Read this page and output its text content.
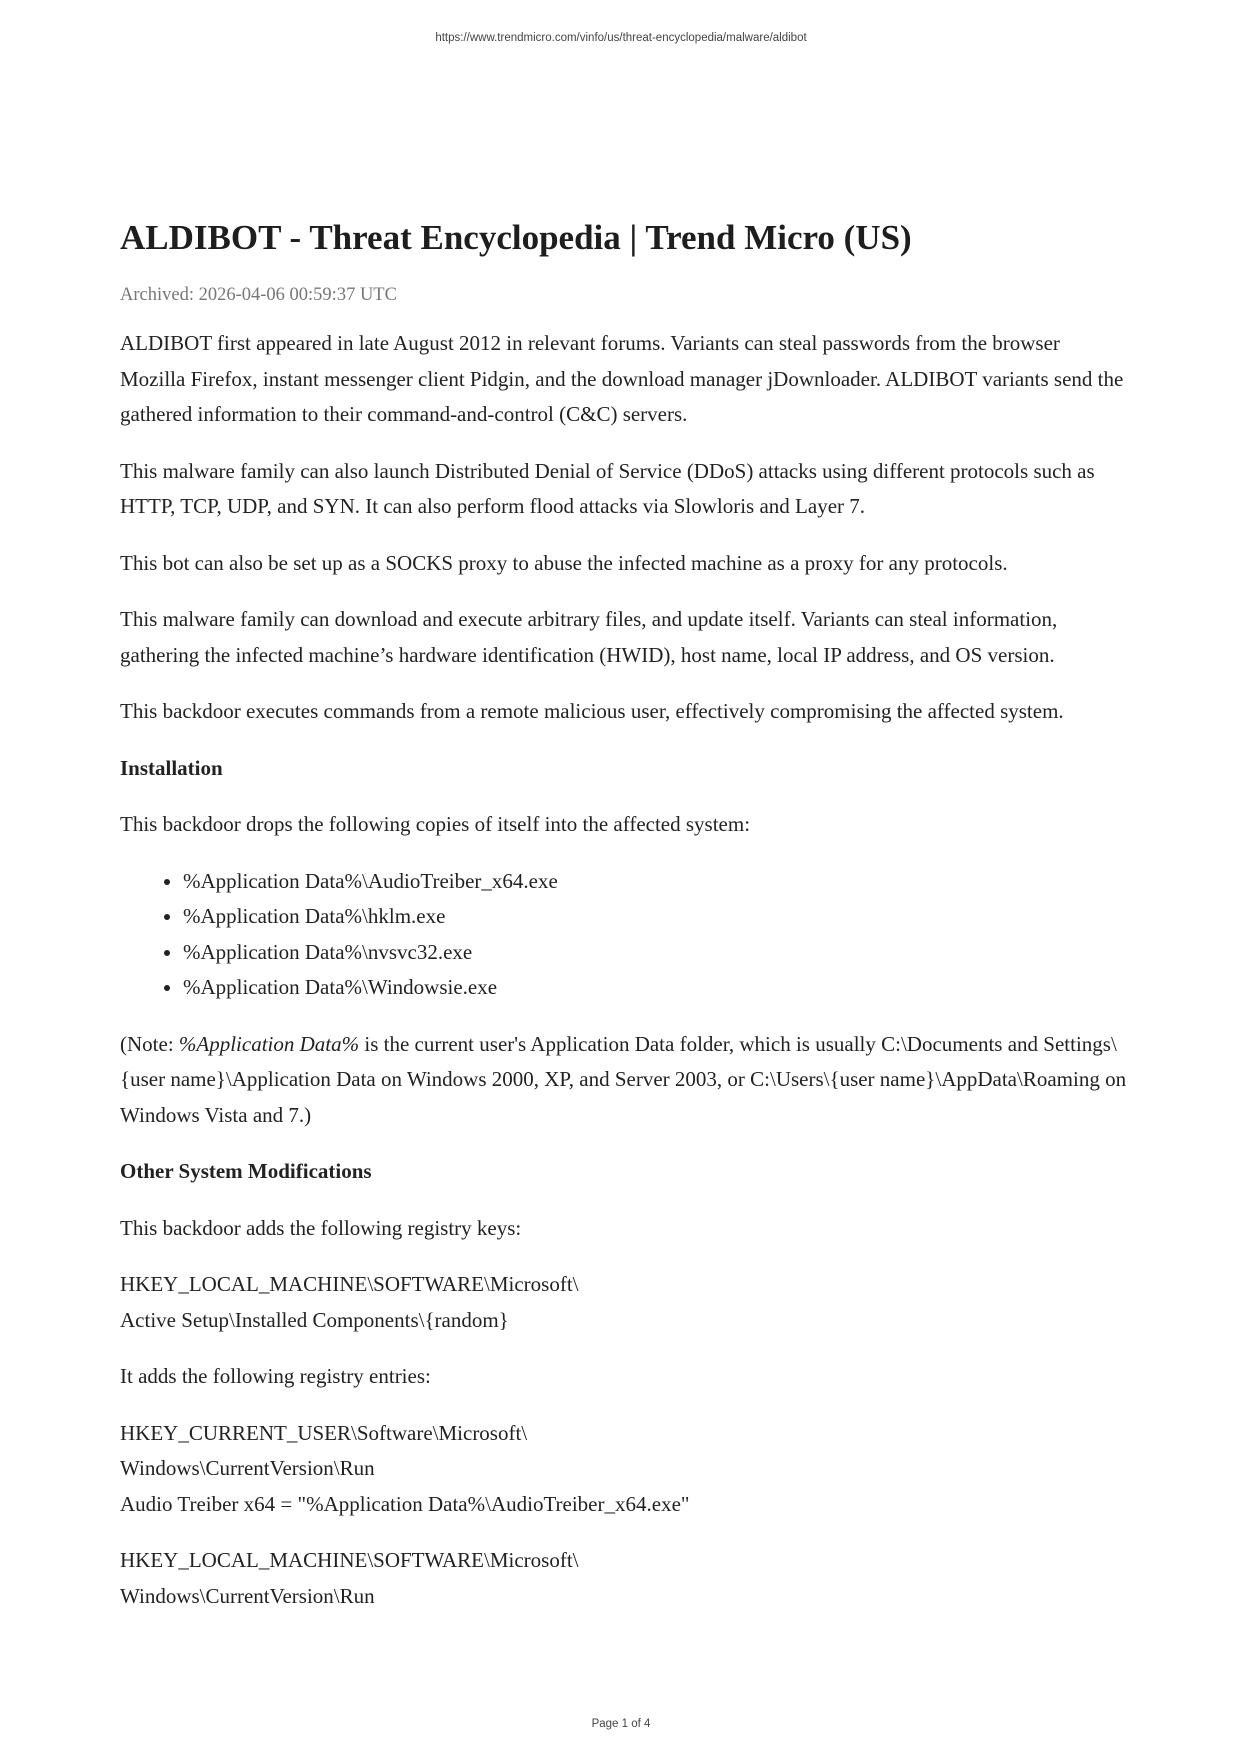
https://www.trendmicro.com/vinfo/us/threat-encyclopedia/malware/aldibot
ALDIBOT - Threat Encyclopedia | Trend Micro (US)
Archived: 2026-04-06 00:59:37 UTC

ALDIBOT first appeared in late August 2012 in relevant forums. Variants can steal passwords from the browser Mozilla Firefox, instant messenger client Pidgin, and the download manager jDownloader. ALDIBOT variants send the gathered information to their command-and-control (C&C) servers.

This malware family can also launch Distributed Denial of Service (DDoS) attacks using different protocols such as HTTP, TCP, UDP, and SYN. It can also perform flood attacks via Slowloris and Layer 7.

This bot can also be set up as a SOCKS proxy to abuse the infected machine as a proxy for any protocols.

This malware family can download and execute arbitrary files, and update itself. Variants can steal information, gathering the infected machine’s hardware identification (HWID), host name, local IP address, and OS version.

This backdoor executes commands from a remote malicious user, effectively compromising the affected system.

Installation

This backdoor drops the following copies of itself into the affected system:

• %Application Data%\AudioTreiber_x64.exe
• %Application Data%\hklm.exe
• %Application Data%\nvsvc32.exe
• %Application Data%\Windowsie.exe

(Note: %Application Data% is the current user's Application Data folder, which is usually C:\Documents and Settings\{user name}\Application Data on Windows 2000, XP, and Server 2003, or C:\Users\{user name}\AppData\Roaming on Windows Vista and 7.)

Other System Modifications

This backdoor adds the following registry keys:

HKEY_LOCAL_MACHINE\SOFTWARE\Microsoft\
Active Setup\Installed Components\{random}

It adds the following registry entries:

HKEY_CURRENT_USER\Software\Microsoft\
Windows\CurrentVersion\Run
Audio Treiber x64 = "%Application Data%\AudioTreiber_x64.exe"
HKEY_LOCAL_MACHINE\SOFTWARE\Microsoft\
Windows\CurrentVersion\Run
Page 1 of 4
